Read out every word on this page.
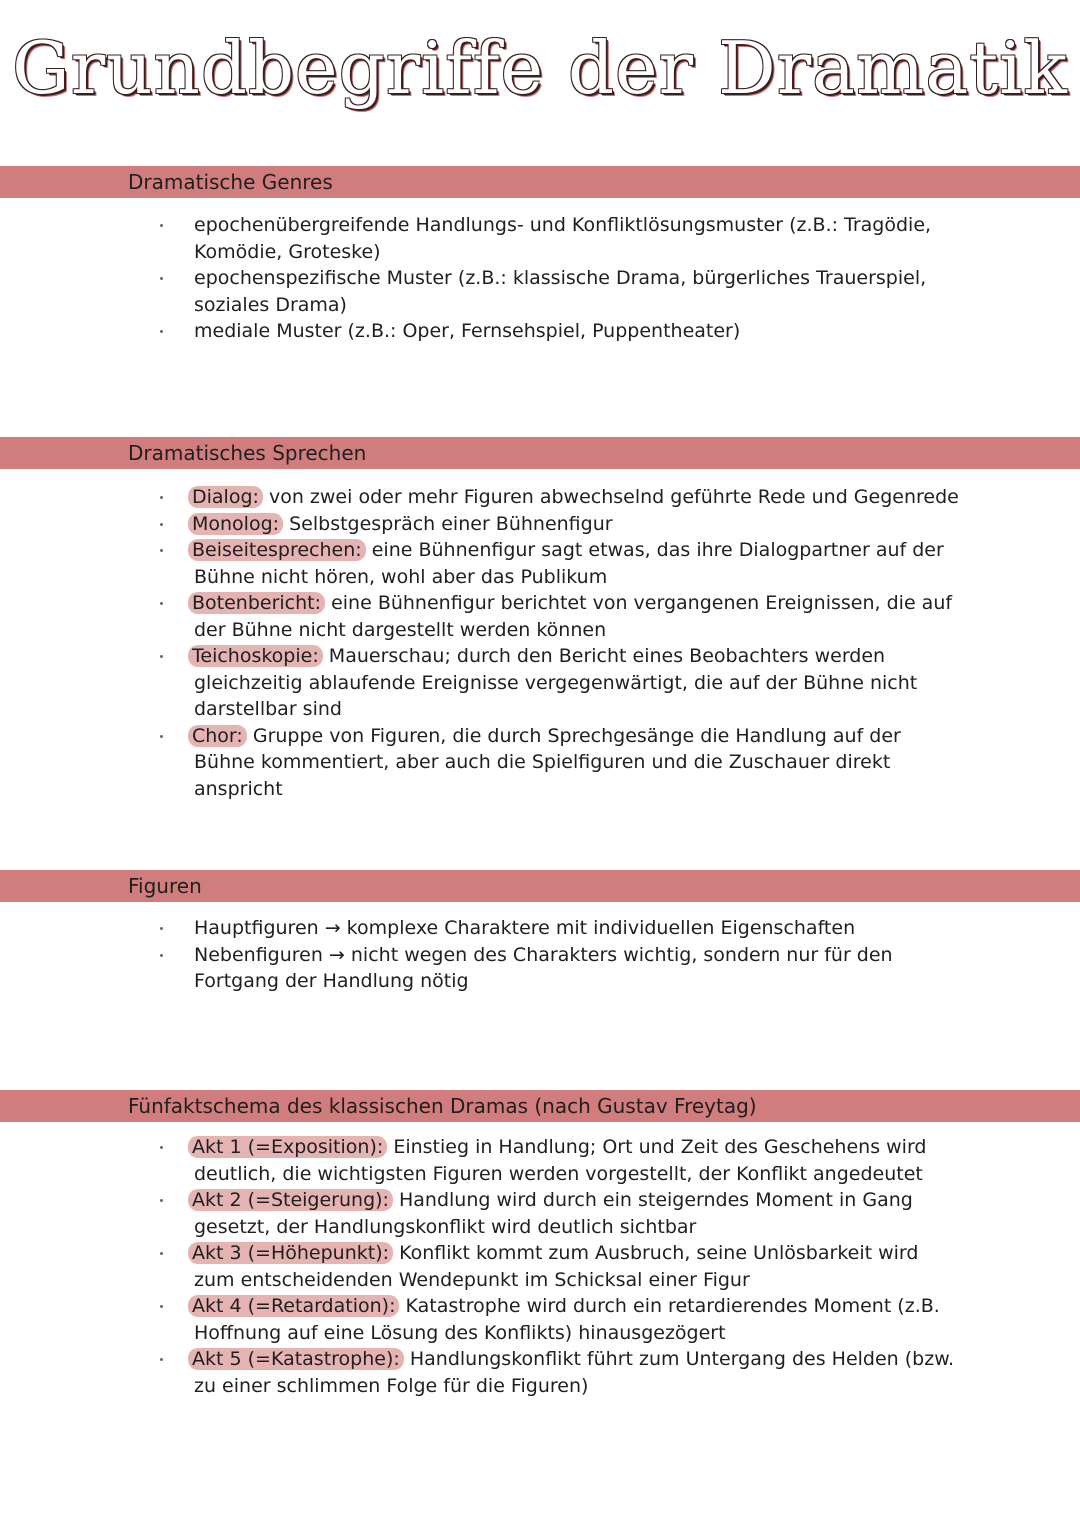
Grundbegriffe der Dramatik
Dramatische Genres
epochenübergreifende Handlungs- und Konfliktlösungsmuster (z.B.: Tragödie, Komödie, Groteske)
epochenspezifische Muster (z.B.: klassische Drama, bürgerliches Trauerspiel, soziales Drama)
mediale Muster (z.B.: Oper, Fernsehspiel, Puppentheater)
Dramatisches Sprechen
Dialog: von zwei oder mehr Figuren abwechselnd geführte Rede und Gegenrede
Monolog: Selbstgespräch einer Bühnenfigur
Beiseitesprechen: eine Bühnenfigur sagt etwas, das ihre Dialogpartner auf der Bühne nicht hören, wohl aber das Publikum
Botenbericht: eine Bühnenfigur berichtet von vergangenen Ereignissen, die auf der Bühne nicht dargestellt werden können
Teichoskopie: Mauerschau; durch den Bericht eines Beobachters werden gleichzeitig ablaufende Ereignisse vergegenwärtigt, die auf der Bühne nicht darstellbar sind
Chor: Gruppe von Figuren, die durch Sprechgesänge die Handlung auf der Bühne kommentiert, aber auch die Spielfiguren und die Zuschauer direkt anspricht
Figuren
Hauptfiguren → komplexe Charaktere mit individuellen Eigenschaften
Nebenfiguren → nicht wegen des Charakters wichtig, sondern nur für den Fortgang der Handlung nötig
Fünfaktschema des klassischen Dramas (nach Gustav Freytag)
Akt 1 (=Exposition): Einstieg in Handlung; Ort und Zeit des Geschehens wird deutlich, die wichtigsten Figuren werden vorgestellt, der Konflikt angedeutet
Akt 2 (=Steigerung): Handlung wird durch ein steigerndes Moment in Gang gesetzt, der Handlungskonflikt wird deutlich sichtbar
Akt 3 (=Höhepunkt): Konflikt kommt zum Ausbruch, seine Unlösbarkeit wird zum entscheidenden Wendepunkt im Schicksal einer Figur
Akt 4 (=Retardation): Katastrophe wird durch ein retardierendes Moment (z.B. Hoffnung auf eine Lösung des Konflikts) hinausgezögert
Akt 5 (=Katastrophe): Handlungskonflikt führt zum Untergang des Helden (bzw. zu einer schlimmen Folge für die Figuren)
